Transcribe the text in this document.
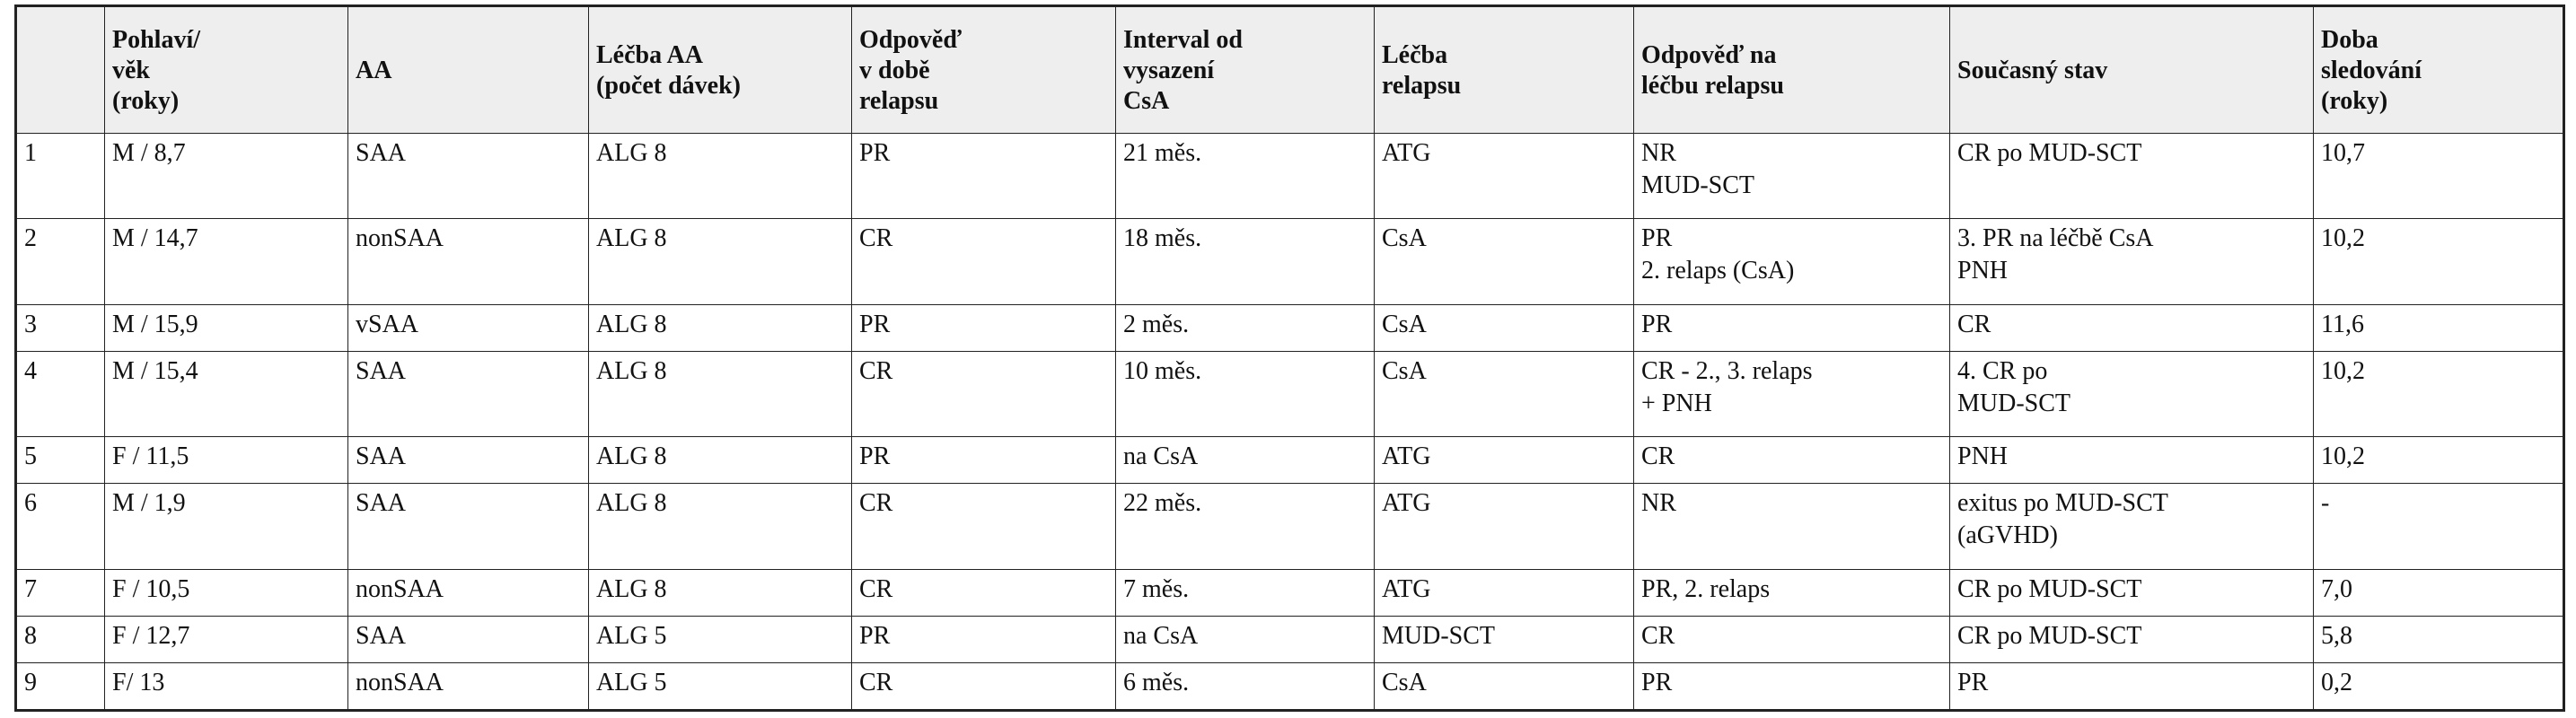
	Pohlaví/
věk
(roky)	AA	Léčba AA
(počet dávek)	Odpověď
v době
relapsu	Interval od
vysazení
CsA	Léčba
relapsu	Odpověď na
léčbu relapsu	Současný stav	Doba
sledování
(roky)

1	M / 8,7	SAA	ALG 8	PR	21 měs.	ATG	NR
MUD-SCT	CR po MUD-SCT	10,7

2	M / 14,7	nonSAA	ALG 8	CR	18 měs.	CsA	PR
2. relaps (CsA)	3. PR na léčbě CsA
PNH	10,2

3	M / 15,9	vSAA	ALG 8	PR	2 měs.	CsA	PR	CR	11,6

4	M / 15,4	SAA	ALG 8	CR	10 měs.	CsA	CR - 2., 3. relaps
+ PNH	4. CR po
MUD-SCT	10,2

5	F / 11,5	SAA	ALG 8	PR	na CsA	ATG	CR	PNH	10,2

6	M / 1,9	SAA	ALG 8	CR	22 měs.	ATG	NR	exitus po MUD-SCT
(aGVHD)	-

7	F / 10,5	nonSAA	ALG 8	CR	7 měs.	ATG	PR, 2. relaps	CR po MUD-SCT	7,0

8	F / 12,7	SAA	ALG 5	PR	na CsA	MUD-SCT	CR	CR po MUD-SCT	5,8

9	F/ 13	nonSAA	ALG 5	CR	6 měs.	CsA	PR	PR	0,2
